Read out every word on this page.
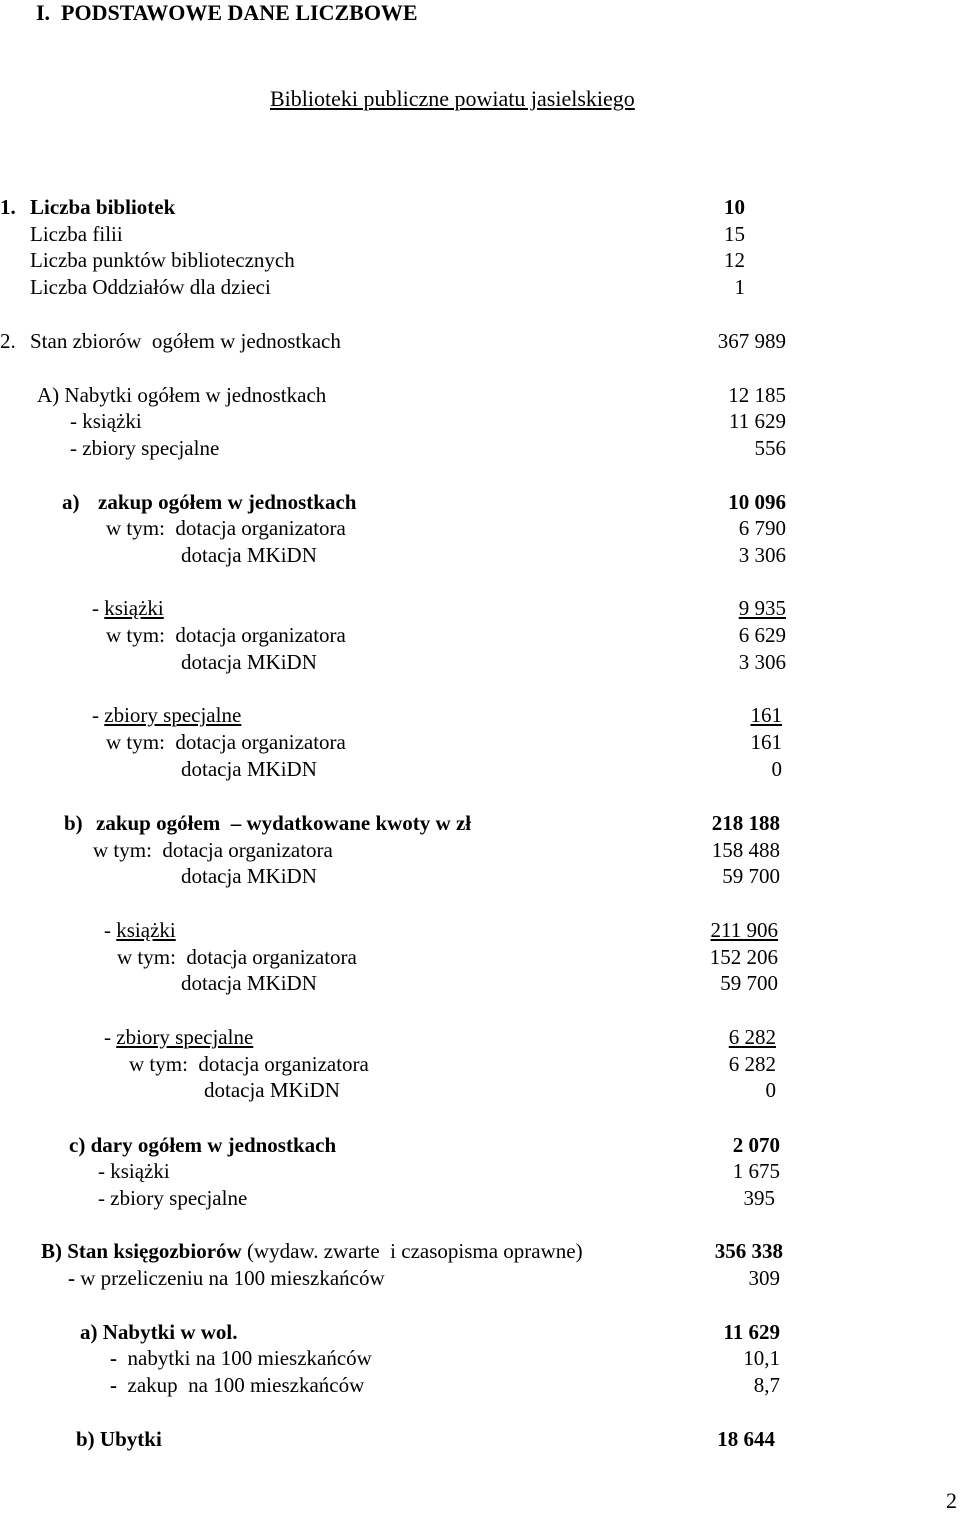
I.  PODSTAWOWE DANE LICZBOWE
Biblioteki publiczne powiatu jasielskiego
1. Liczba bibliotek	10
Liczba filii	15
Liczba punktów bibliotecznych	12
Liczba Oddziałów dla dzieci	1
2. Stan zbiorów  ogółem w jednostkach	367 989
A) Nabytki ogółem w jednostkach	12 185
- książki	11 629
- zbiory specjalne	556
a) zakup ogółem w jednostkach	10 096
w tym:  dotacja organizatora	6 790
dotacja MKiDN	3 306
- książki	9 935
w tym:  dotacja organizatora	6 629
dotacja MKiDN	3 306
- zbiory specjalne	161
w tym:  dotacja organizatora	161
dotacja MKiDN	0
b) zakup ogółem  – wydatkowane kwoty w zł	218 188
w tym:  dotacja organizatora	158 488
dotacja MKiDN	59 700
- książki	211 906
w tym:  dotacja organizatora	152 206
dotacja MKiDN	59 700
- zbiory specjalne	6 282
w tym:  dotacja organizatora	6 282
dotacja MKiDN	0
c) dary ogółem w jednostkach	2 070
- książki	1 675
- zbiory specjalne	395
B) Stan księgozbiorów (wydaw. zwarte  i czasopisma oprawne)	356 338
- w przeliczeniu na 100 mieszkańców	309
a) Nabytki w wol.	11 629
-  nabytki na 100 mieszkańców	10,1
-  zakup  na 100 mieszkańców	8,7
b) Ubytki	18 644
2
